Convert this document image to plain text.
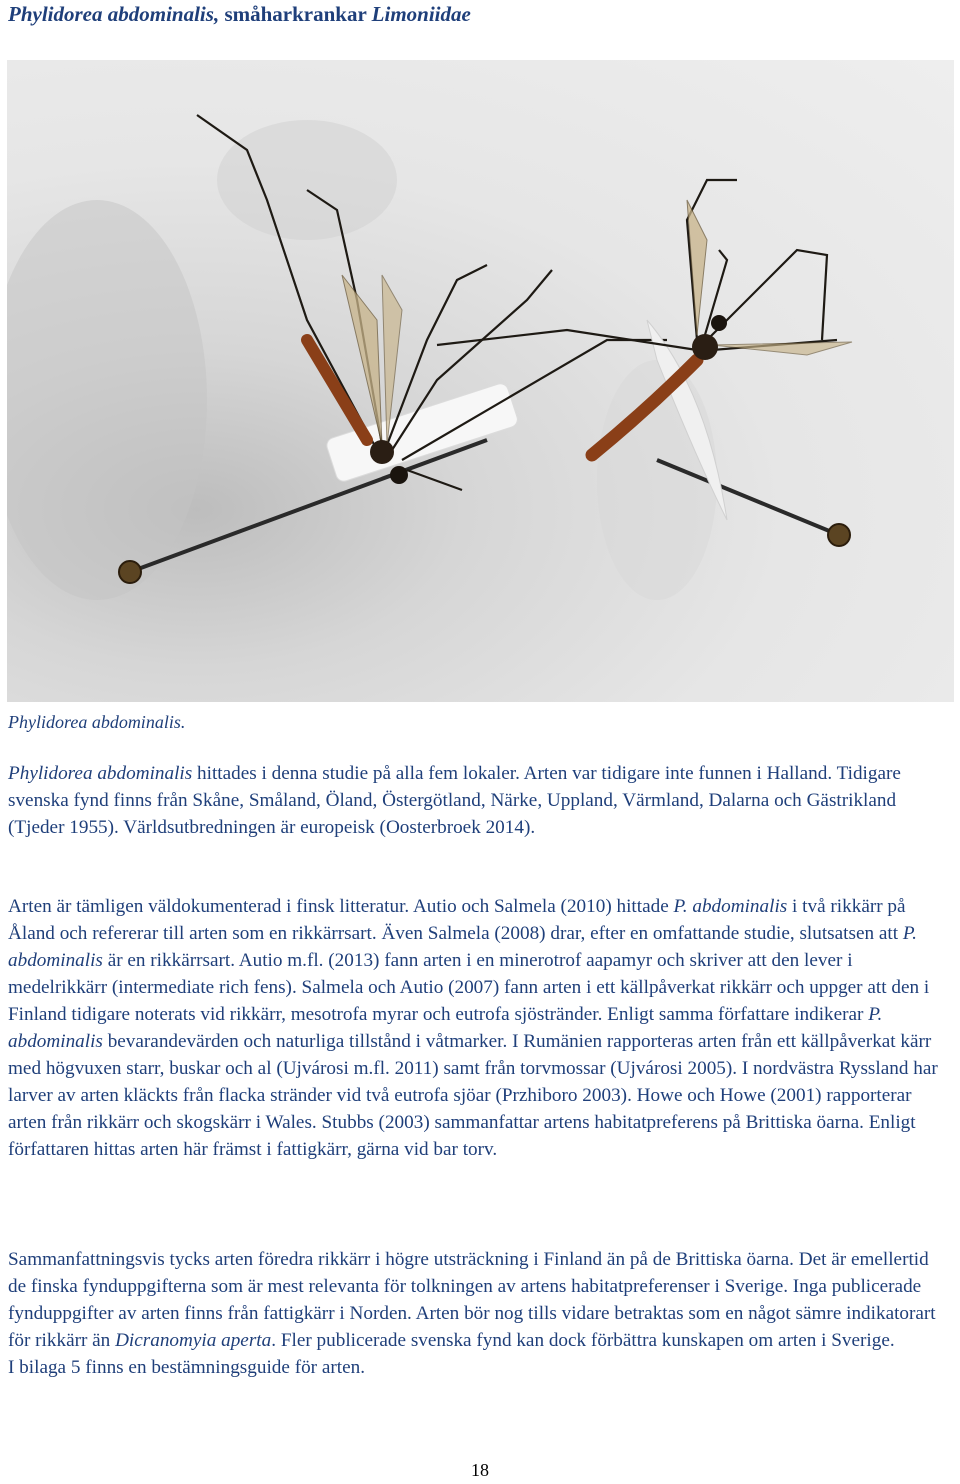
Phylidorea abdominalis, småharkrankar Limoniidae
Phylidorea abdominalis.

Phylidorea abdominalis hittades i denna studie på alla fem lokaler. Arten var tidigare inte funnen i Halland. Tidigare svenska fynd finns från Skåne, Småland, Öland, Östergötland, Närke, Uppland, Värmland, Dalarna och Gästrikland (Tjeder 1955). Världsutbredningen är europeisk (Oosterbroek 2014).

Arten är tämligen väldokumenterad i finsk litteratur. Autio och Salmela (2010) hittade P. abdominalis i två rikkärr på Åland och refererar till arten som en rikkärrsart. Även Salmela (2008) drar, efter en omfattande studie, slutsatsen att P. abdominalis är en rikkärrsart. Autio m.fl. (2013) fann arten i en minerotrof aapamyr och skriver att den lever i medelrikkärr (intermediate rich fens). Salmela och Autio (2007) fann arten i ett källpåverkat rikkärr och uppger att den i Finland tidigare noterats vid rikkärr, mesotrofa myrar och eutrofa sjöstränder. Enligt samma författare indikerar P. abdominalis bevarandevärden och naturliga tillstånd i våtmarker. I Rumänien rapporteras arten från ett källpåverkat kärr med högvuxen starr, buskar och al (Ujvárosi m.fl. 2011) samt från torvmossar (Ujvárosi 2005). I nordvästra Ryssland har larver av arten kläckts från flacka stränder vid två eutrofa sjöar (Przhiboro 2003). Howe och Howe (2001) rapporterar arten från rikkärr och skogskärr i Wales. Stubbs (2003) sammanfattar artens habitatpreferens på Brittiska öarna. Enligt författaren hittas arten här främst i fattigkärr, gärna vid bar torv.

Sammanfattningsvis tycks arten föredra rikkärr i högre utsträckning i Finland än på de Brittiska öarna. Det är emellertid de finska fynduppgifterna som är mest relevanta för tolkningen av artens habitatpreferenser i Sverige. Inga publicerade fynduppgifter av arten finns från fattigkärr i Norden. Arten bör nog tills vidare betraktas som en något sämre indikatorart för rikkärr än Dicranomyia aperta. Fler publicerade svenska fynd kan dock förbättra kunskapen om arten i Sverige.
I bilaga 5 finns en bestämningsguide för arten.

18
